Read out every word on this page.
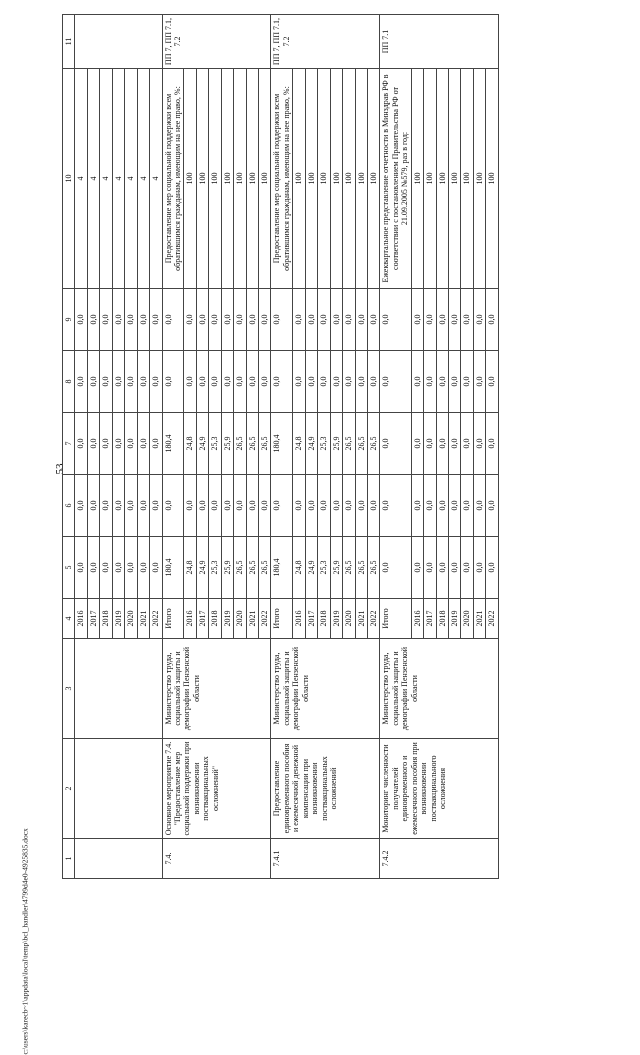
53
c:\users\karecb~1\appdata\local\temp\bcl_handler\4799d4e0-4925835.docx	1	2	3	4	5	6	7	8	9	10	11
			2016	0,0	0,0	0,0	0,0	0,0	4	
			2017	0,0	0,0	0,0	0,0	0,0	4	
			2018	0,0	0,0	0,0	0,0	0,0	4	
			2019	0,0	0,0	0,0	0,0	0,0	4	
			2020	0,0	0,0	0,0	0,0	0,0	4	
			2021	0,0	0,0	0,0	0,0	0,0	4	
			2022	0,0	0,0	0,0	0,0	0,0	4	
7.4.	Основное мероприятие 7.4. "Предоставление мер социальной поддержки при возникновении поствакцинальных осложнений"	Министерство труда, социальной защиты и демографии Пензенской области	Итого	180,4	0,0	180,4	0,0	0,0	Предоставление мер социальной поддержки всем обратившимся гражданам, имеющим на нее право, %:	ПП 7, ПП 7.1, 7.2
			2016	24,8	0,0	24,8	0,0	0,0	100	
			2017	24,9	0,0	24,9	0,0	0,0	100	
			2018	25,3	0,0	25,3	0,0	0,0	100	
			2019	25,9	0,0	25,9	0,0	0,0	100	
			2020	26,5	0,0	26,5	0,0	0,0	100	
			2021	26,5	0,0	26,5	0,0	0,0	100	
			2022	26,5	0,0	26,5	0,0	0,0	100	
7.4.1	Предоставление единовременного пособия и ежемесячной денежной компенсации при возникновении поствакцинальных осложнений	Министерство труда, социальной защиты и демографии Пензенской области	Итого	180,4	0,0	180,4	0,0	0,0	Предоставление мер социальной поддержки всем обратившимся гражданам, имеющим на нее право, %:	ПП 7, ПП 7.1, 7.2
			2016	24,8	0,0	24,8	0,0	0,0	100	
			2017	24,9	0,0	24,9	0,0	0,0	100	
			2018	25,3	0,0	25,3	0,0	0,0	100	
			2019	25,9	0,0	25,9	0,0	0,0	100	
			2020	26,5	0,0	26,5	0,0	0,0	100	
			2021	26,5	0,0	26,5	0,0	0,0	100	
			2022	26,5	0,0	26,5	0,0	0,0	100	
7.4.2	Мониторинг численности получателей единовременного и ежемесячного пособия при возникновении поствакцинального осложнения	Министерство труда, социальной защиты и демографии Пензенской области	Итого	0,0	0,0	0,0	0,0	0,0	Ежеквартальное представление отчетности в Минздрав РФ в соответствии с постановлением Правительства РФ от 21.09.2005 №579, раз в год:	ПП 7.1
			2016	0,0	0,0	0,0	0,0	0,0	100	
			2017	0,0	0,0	0,0	0,0	0,0	100	
			2018	0,0	0,0	0,0	0,0	0,0	100	
			2019	0,0	0,0	0,0	0,0	0,0	100	
			2020	0,0	0,0	0,0	0,0	0,0	100	
			2021	0,0	0,0	0,0	0,0	0,0	100	
			2022	0,0	0,0	0,0	0,0	0,0	100	
